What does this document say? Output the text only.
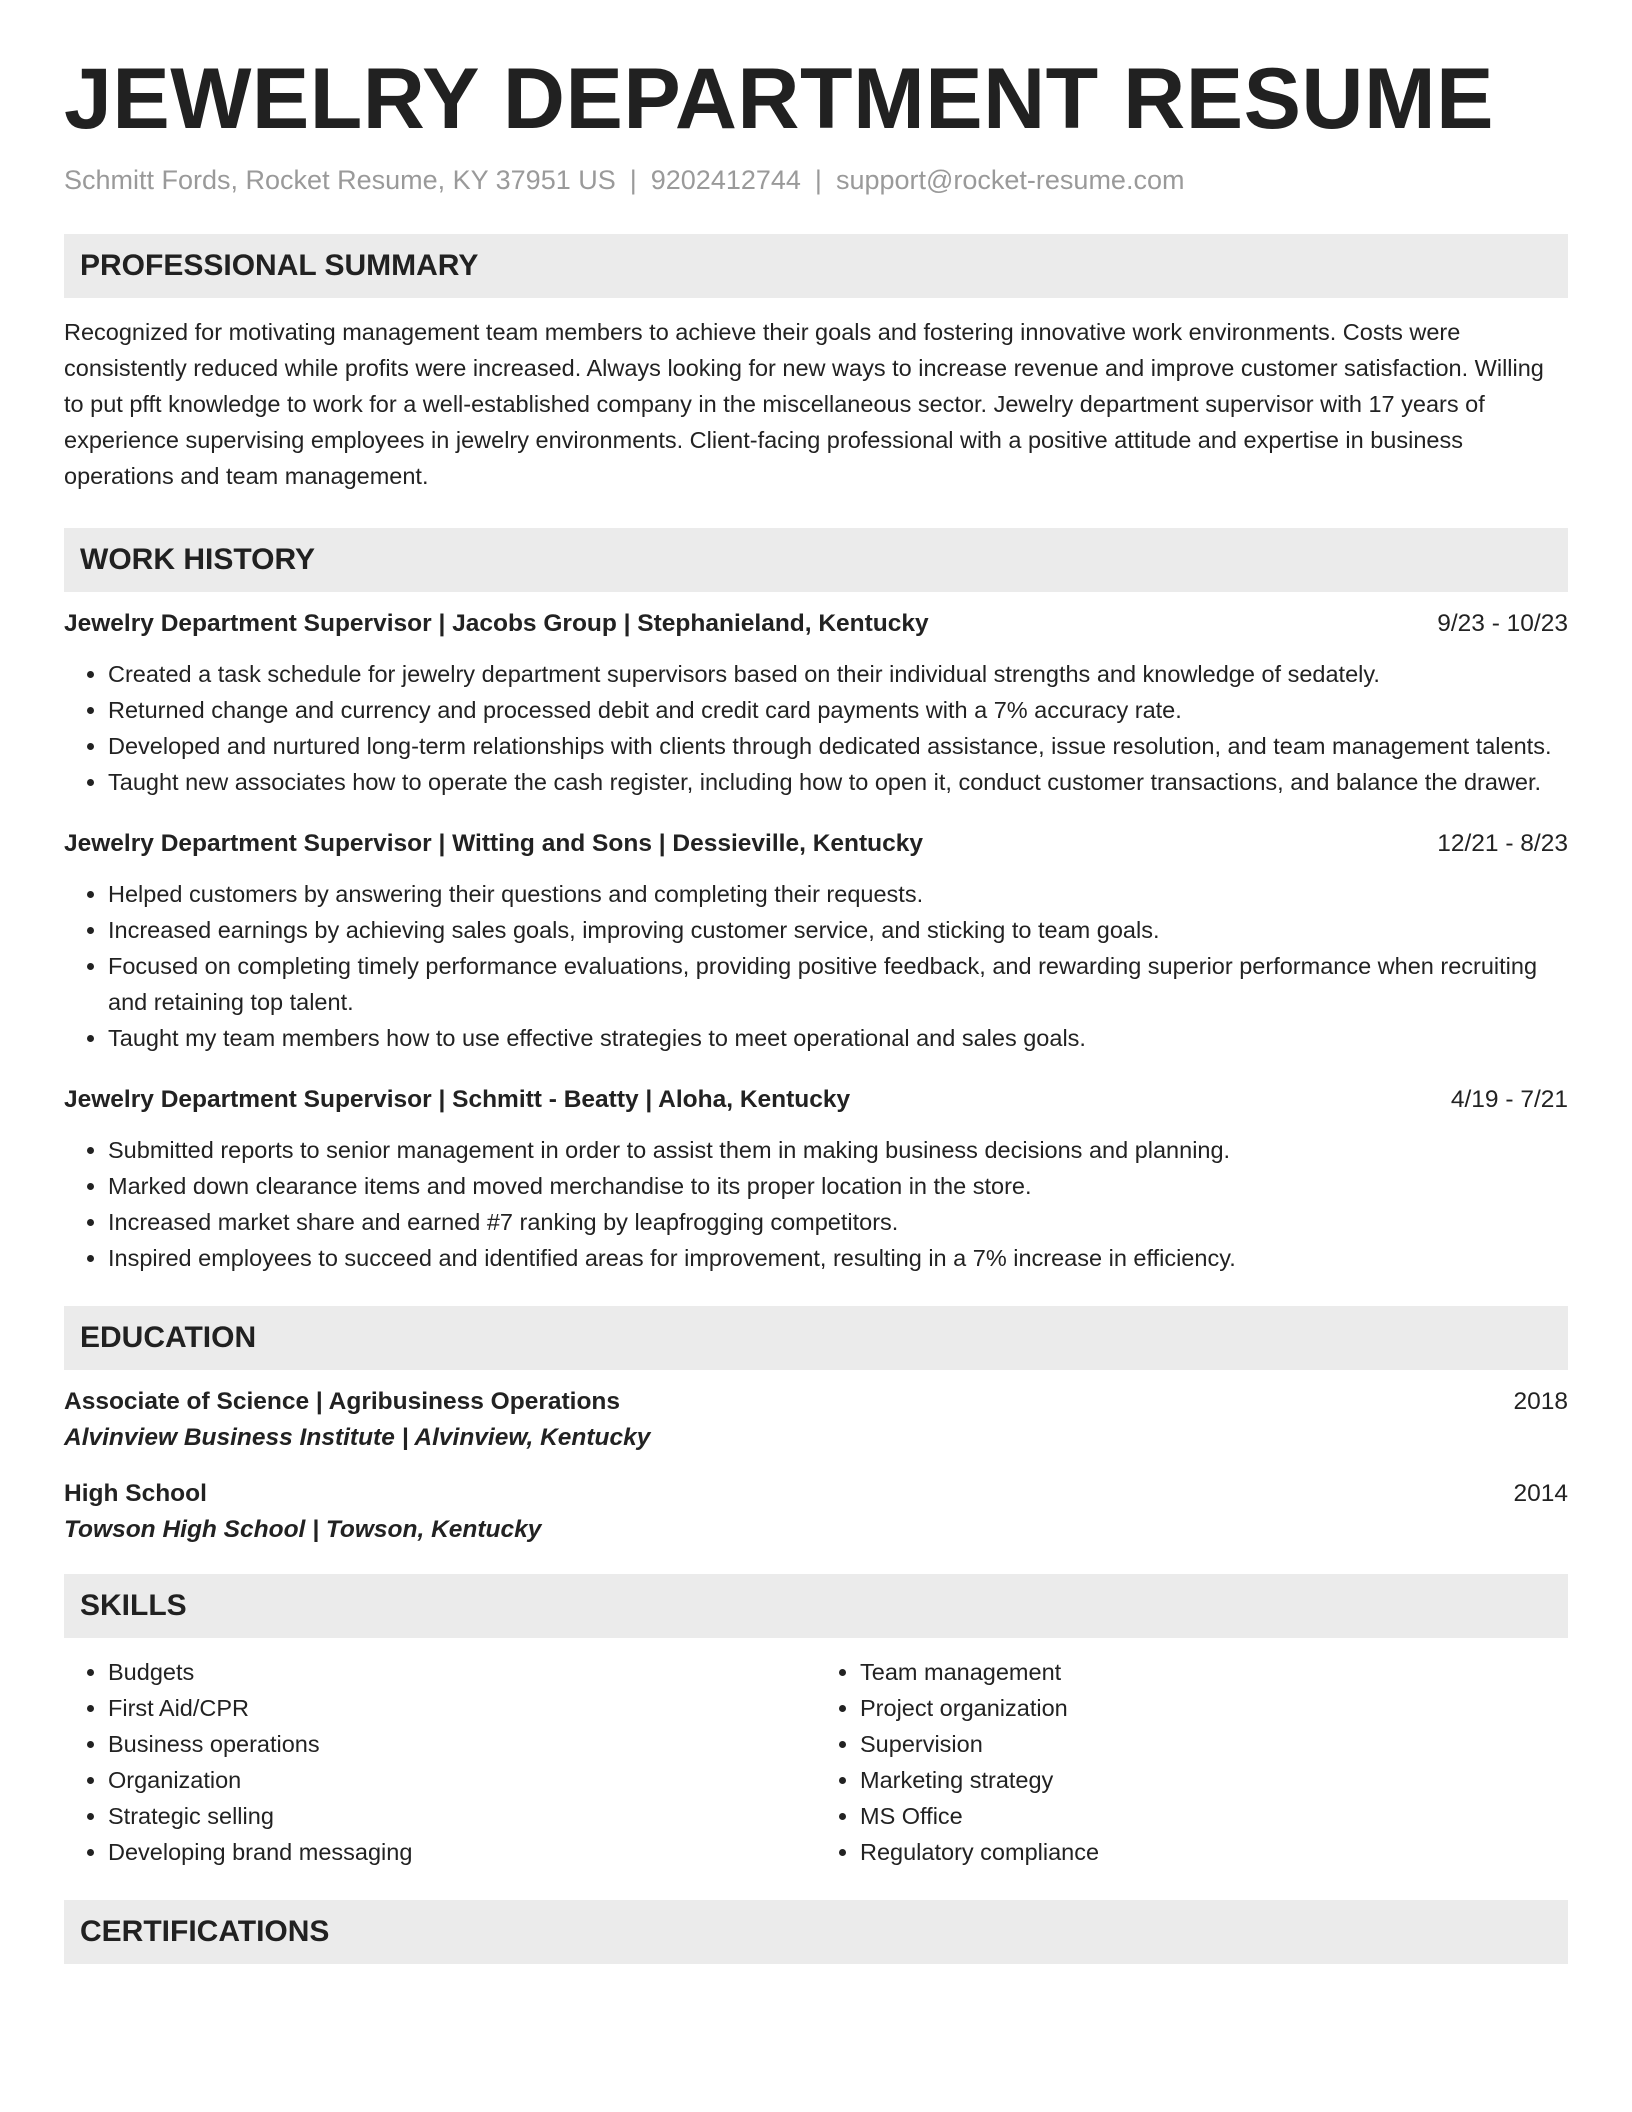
JEWELRY DEPARTMENT RESUME
Schmitt Fords, Rocket Resume, KY 37951 US | 9202412744 | support@rocket-resume.com
PROFESSIONAL SUMMARY

Recognized for motivating management team members to achieve their goals and fostering innovative work environments. Costs were consistently reduced while profits were increased. Always looking for new ways to increase revenue and improve customer satisfaction. Willing to put pfft knowledge to work for a well-established company in the miscellaneous sector. Jewelry department supervisor with 17 years of experience supervising employees in jewelry environments. Client-facing professional with a positive attitude and expertise in business operations and team management.

WORK HISTORY
Jewelry Department Supervisor | Jacobs Group | Stephanieland, Kentucky	9/23 - 10/23
• Created a task schedule for jewelry department supervisors based on their individual strengths and knowledge of sedately.
• Returned change and currency and processed debit and credit card payments with a 7% accuracy rate.
• Developed and nurtured long-term relationships with clients through dedicated assistance, issue resolution, and team management talents.
• Taught new associates how to operate the cash register, including how to open it, conduct customer transactions, and balance the drawer.
Jewelry Department Supervisor | Witting and Sons | Dessieville, Kentucky	12/21 - 8/23
• Helped customers by answering their questions and completing their requests.
• Increased earnings by achieving sales goals, improving customer service, and sticking to team goals.
• Focused on completing timely performance evaluations, providing positive feedback, and rewarding superior performance when recruiting and retaining top talent.
• Taught my team members how to use effective strategies to meet operational and sales goals.
Jewelry Department Supervisor | Schmitt - Beatty | Aloha, Kentucky	4/19 - 7/21
• Submitted reports to senior management in order to assist them in making business decisions and planning.
• Marked down clearance items and moved merchandise to its proper location in the store.
• Increased market share and earned #7 ranking by leapfrogging competitors.
• Inspired employees to succeed and identified areas for improvement, resulting in a 7% increase in efficiency.
EDUCATION
Associate of Science | Agribusiness Operations	2018
Alvinview Business Institute | Alvinview, Kentucky
High School	2014
Towson High School | Towson, Kentucky
SKILLS
• Budgets
• First Aid/CPR
• Business operations
• Organization
• Strategic selling
• Developing brand messaging
• Team management
• Project organization
• Supervision
• Marketing strategy
• MS Office
• Regulatory compliance
CERTIFICATIONS
